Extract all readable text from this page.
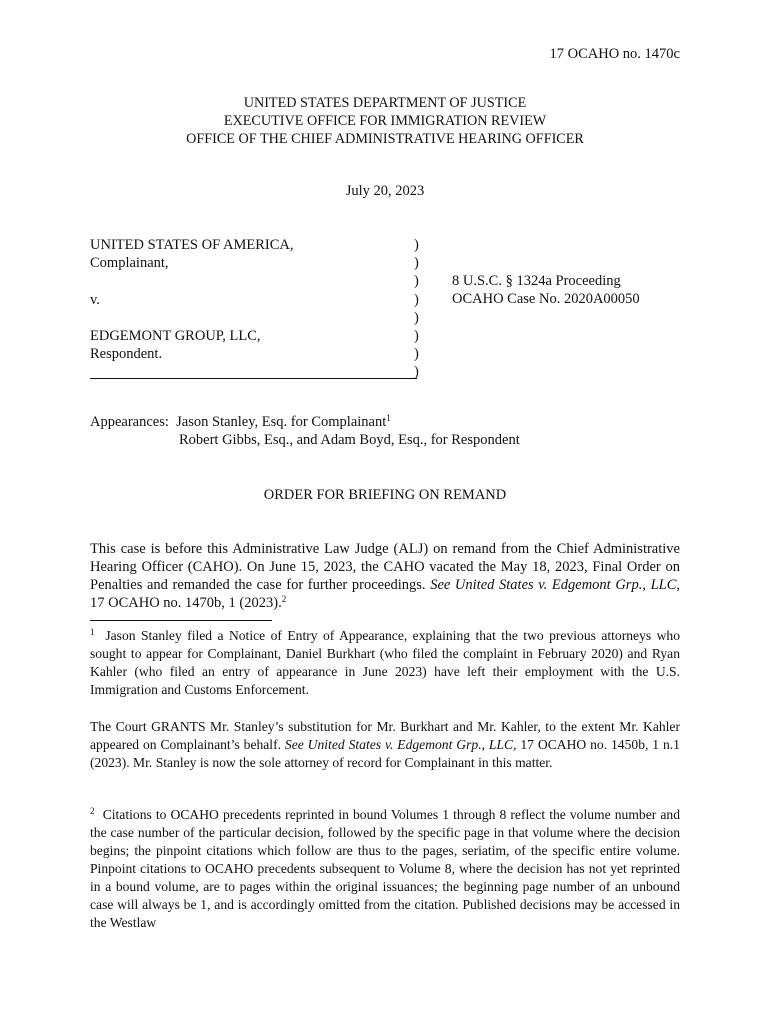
17 OCAHO no. 1470c
UNITED STATES DEPARTMENT OF JUSTICE
EXECUTIVE OFFICE FOR IMMIGRATION REVIEW
OFFICE OF THE CHIEF ADMINISTRATIVE HEARING OFFICER
July 20, 2023
UNITED STATES OF AMERICA,
Complainant,
v.
EDGEMONT GROUP, LLC,
Respondent.
)
)
)
)
)
)
)
)
8 U.S.C. § 1324a Proceeding
OCAHO Case No. 2020A00050
Appearances: Jason Stanley, Esq. for Complainant$^1$
Robert Gibbs, Esq., and Adam Boyd, Esq., for Respondent
ORDER FOR BRIEFING ON REMAND
This case is before this Administrative Law Judge (ALJ) on remand from the Chief Administrative Hearing Officer (CAHO). On June 15, 2023, the CAHO vacated the May 18, 2023, Final Order on Penalties and remanded the case for further proceedings. See United States v. Edgemont Grp., LLC, 17 OCAHO no. 1470b, 1 (2023).$^2$
$^1$ Jason Stanley filed a Notice of Entry of Appearance, explaining that the two previous attorneys who sought to appear for Complainant, Daniel Burkhart (who filed the complaint in February 2020) and Ryan Kahler (who filed an entry of appearance in June 2023) have left their employment with the U.S. Immigration and Customs Enforcement.
The Court GRANTS Mr. Stanley’s substitution for Mr. Burkhart and Mr. Kahler, to the extent Mr. Kahler appeared on Complainant’s behalf. See United States v. Edgemont Grp., LLC, 17 OCAHO no. 1450b, 1 n.1 (2023). Mr. Stanley is now the sole attorney of record for Complainant in this matter.
$^2$ Citations to OCAHO precedents reprinted in bound Volumes 1 through 8 reflect the volume number and the case number of the particular decision, followed by the specific page in that volume where the decision begins; the pinpoint citations which follow are thus to the pages, seriatim, of the specific entire volume. Pinpoint citations to OCAHO precedents subsequent to Volume 8, where the decision has not yet reprinted in a bound volume, are to pages within the original issuances; the beginning page number of an unbound case will always be 1, and is accordingly omitted from the citation. Published decisions may be accessed in the Westlaw
